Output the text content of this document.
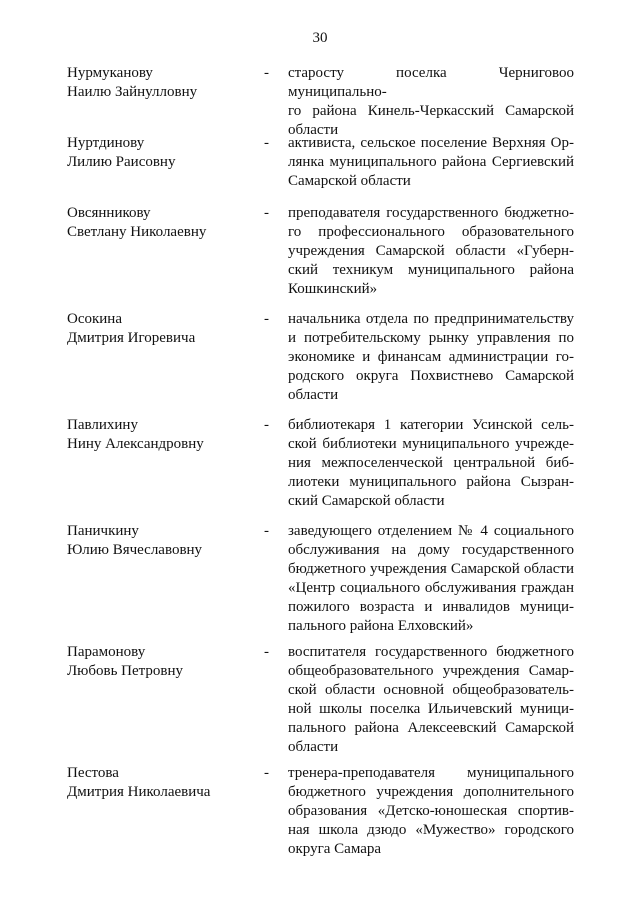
30
Нурмуканову
Наилю Зайнулловну
- старосту поселка Черниговоо муниципально-
го района Кинель-Черкасский Самарской
области
Нуртдинову
Лилию Раисовну
- активиста, сельское поселение Верхняя Ор-
лянка муниципального района Сергиевский
Самарской области
Овсянникову
Светлану Николаевну
- преподавателя государственного бюджетно-
го профессионального образовательного
учреждения Самарской области «Губерн-
ский техникум муниципального района
Кошкинский»
Осокина
Дмитрия Игоревича
- начальника отдела по предпринимательству
и потребительскому рынку управления по
экономике и финансам администрации го-
родского округа Похвистнево Самарской
области
Павлихину
Нину Александровну
- библиотекаря 1 категории Усинской сель-
ской библиотеки муниципального учрежде-
ния межпоселенческой центральной биб-
лиотеки муниципального района Сызран-
ский Самарской области
Паничкину
Юлию Вячеславовну
- заведующего отделением № 4 социального
обслуживания на дому государственного
бюджетного учреждения Самарской области
«Центр социального обслуживания граждан
пожилого возраста и инвалидов муници-
пального района Елховский»
Парамонову
Любовь Петровну
- воспитателя государственного бюджетного
общеобразовательного учреждения Самар-
ской области основной общеобразователь-
ной школы поселка Ильичевский муници-
пального района Алексеевский Самарской
области
Пестова
Дмитрия Николаевича
- тренера-преподавателя муниципального
бюджетного учреждения дополнительного
образования «Детско-юношеская спортив-
ная школа дзюдо «Мужество» городского
округа Самара
